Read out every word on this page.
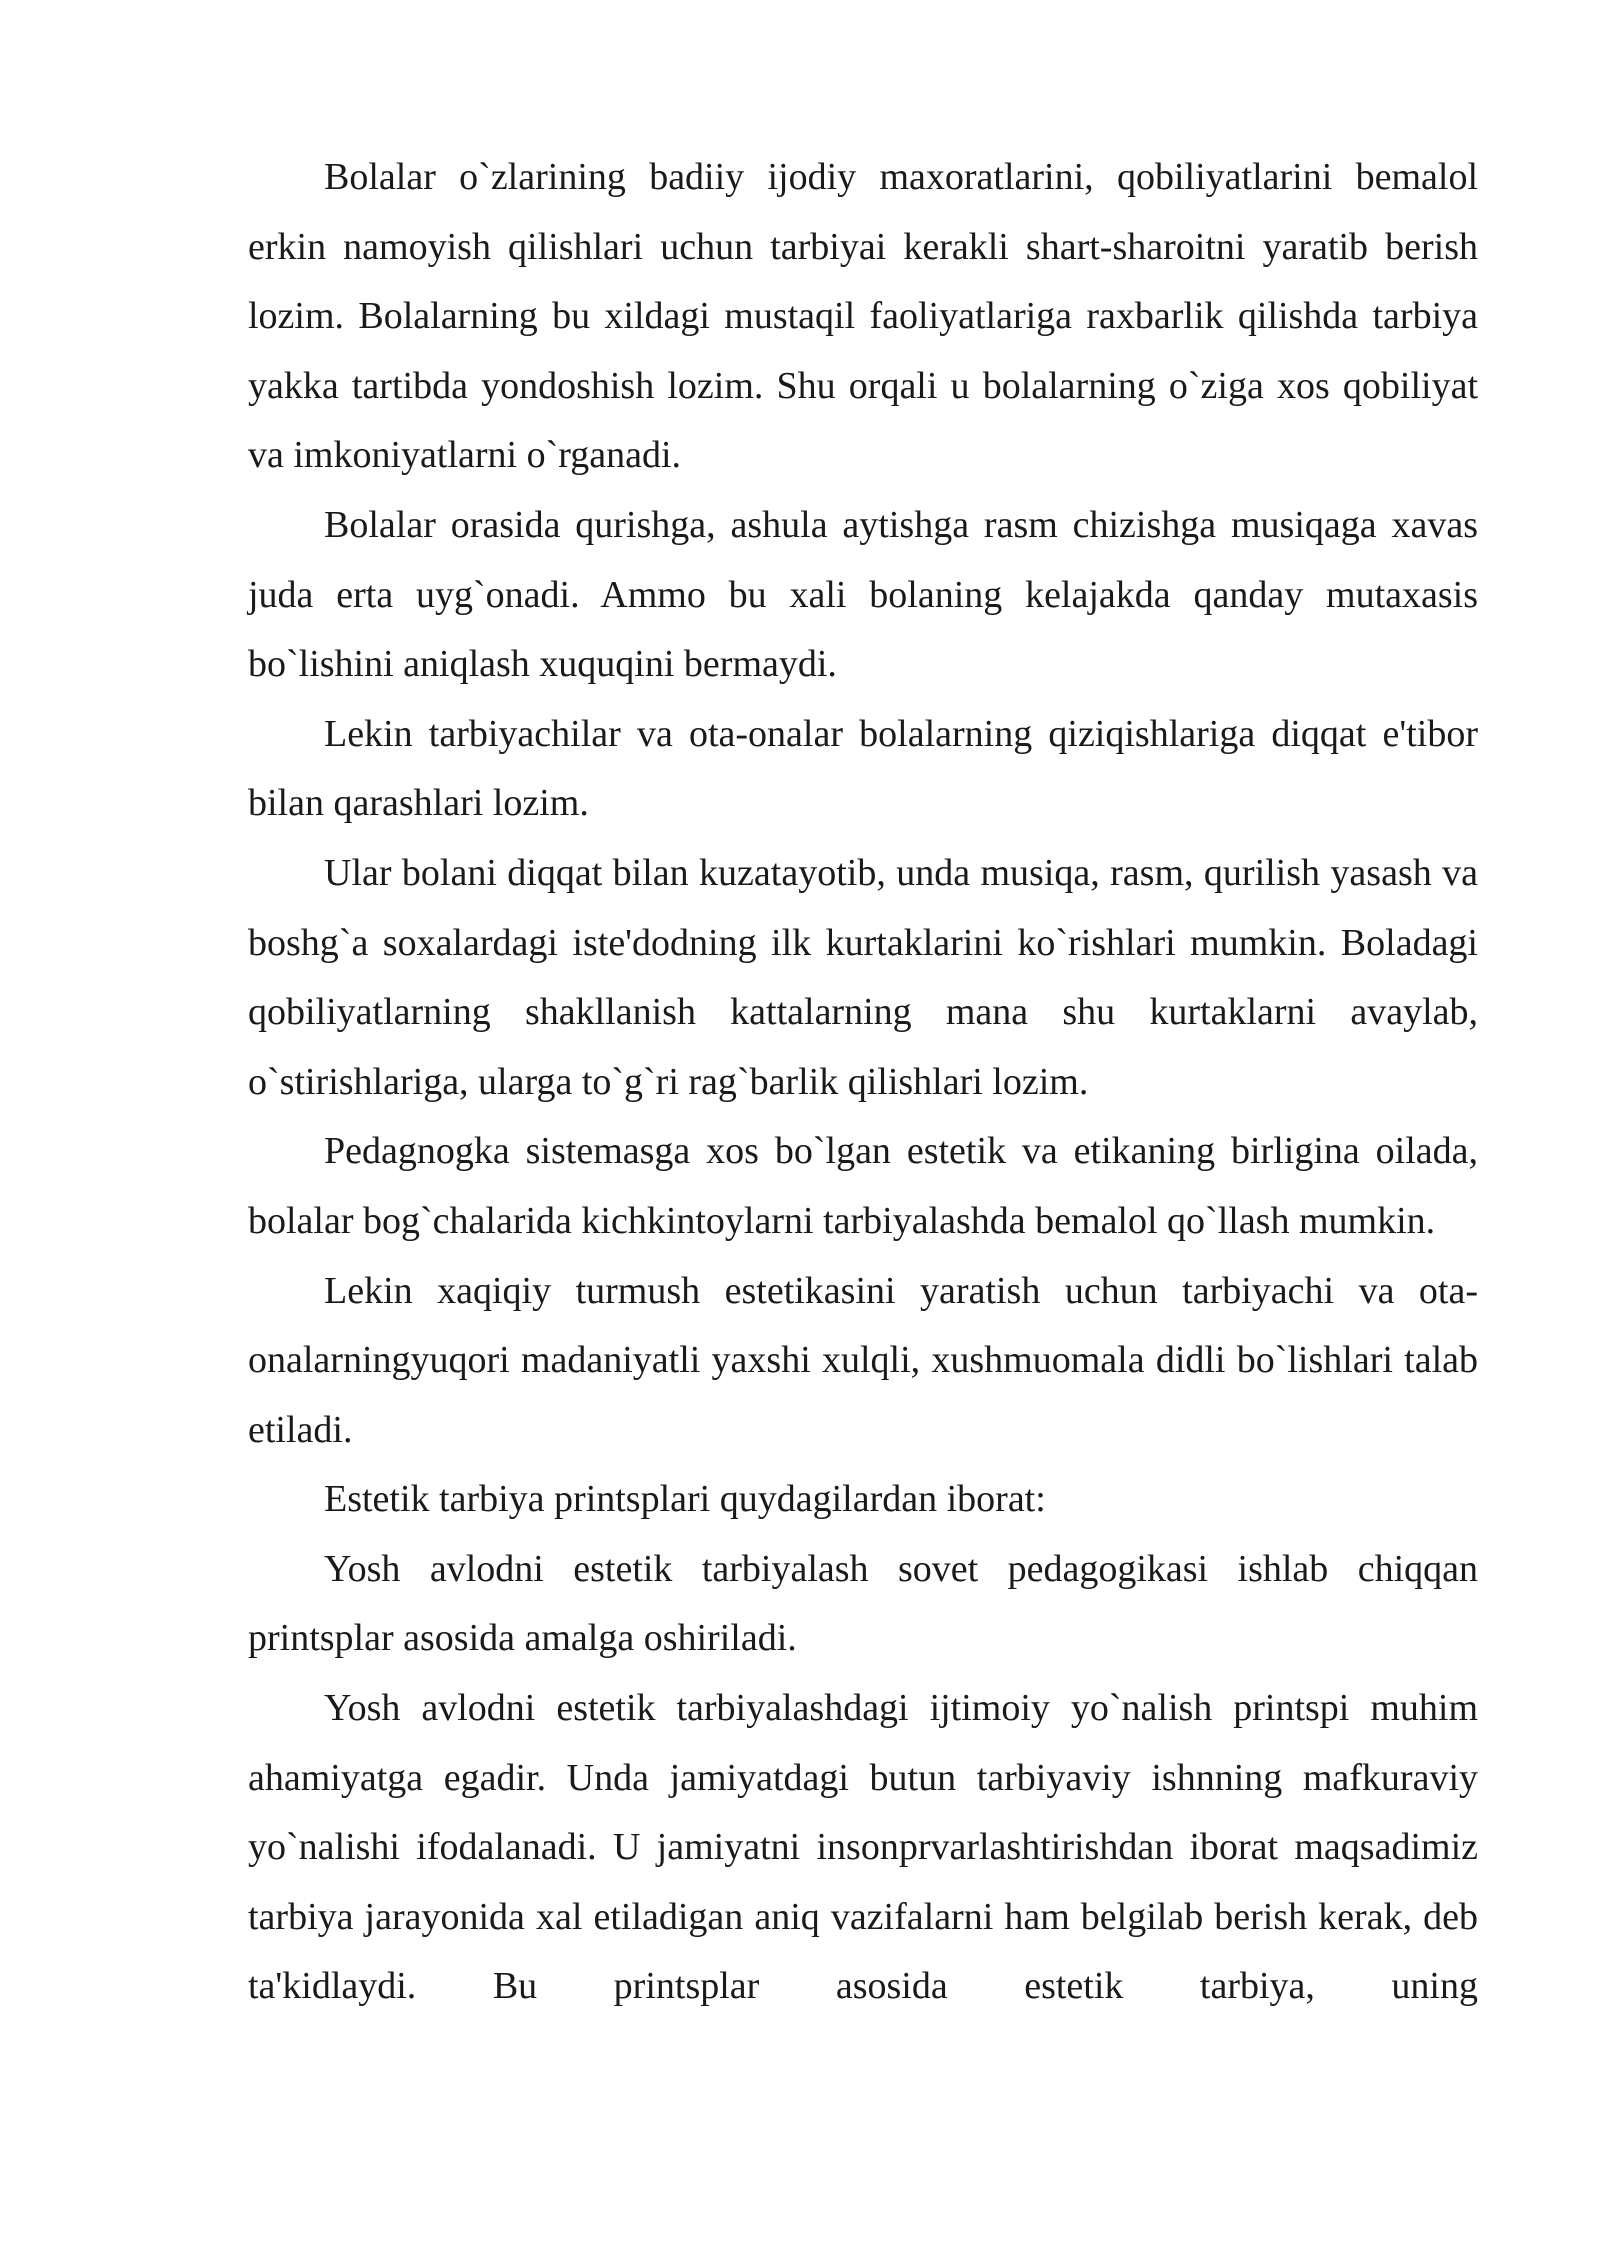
Bolalar o`zlarining badiiy ijodiy maxoratlarini, qobiliyatlarini bemalol erkin namoyish qilishlari uchun tarbiyai kerakli shart-sharoitni yaratib berish lozim. Bolalarning bu xildagi mustaqil faoliyatlariga raxbarlik qilishda tarbiya yakka tartibda yondoshish lozim. Shu orqali u bolalarning o`ziga xos qobiliyat va imkoniyatlarni o`rganadi.

Bolalar orasida qurishga, ashula aytishga rasm chizishga musiqaga xavas juda erta uyg`onadi. Ammo bu xali bolaning kelajakda qanday mutaxasis bo`lishini aniqlash xuquqini bermaydi.

Lekin tarbiyachilar va ota-onalar bolalarning qiziqishlariga diqqat e'tibor bilan qarashlari lozim.

Ular bolani diqqat bilan kuzatayotib, unda musiqa, rasm, qurilish yasash va boshg`a soxalardagi iste'dodning ilk kurtaklarini ko`rishlari mumkin. Boladagi qobiliyatlarning shakllanish kattalarning mana shu kurtaklarni avaylab, o`stirishlariga, ularga to`g`ri rag`barlik qilishlari lozim.

Pedagnogka sistemasga xos bo`lgan estetik va etikaning birligina oilada, bolalar bog`chalarida kichkintoylarni tarbiyalashda bemalol qo`llash mumkin.

Lekin xaqiqiy turmush estetikasini yaratish uchun tarbiyachi va ota-onalarningyuqori madaniyatli yaxshi xulqli, xushmuomala didli bo`lishlari talab etiladi.

Estetik tarbiya printsplari quydagilardan iborat:

Yosh avlodni estetik tarbiyalash sovet pedagogikasi ishlab chiqqan printsplar asosida amalga oshiriladi.

Yosh avlodni estetik tarbiyalashdagi ijtimoiy yo`nalish printspi muhim ahamiyatga egadir. Unda jamiyatdagi butun tarbiyaviy ishnning mafkuraviy yo`nalishi ifodalanadi. U jamiyatni insonprvarlashtirishdan iborat maqsadimiz tarbiya jarayonida xal etiladigan aniq vazifalarni ham belgilab berish kerak, deb ta'kidlaydi. Bu printsplar asosida estetik tarbiya, uning
